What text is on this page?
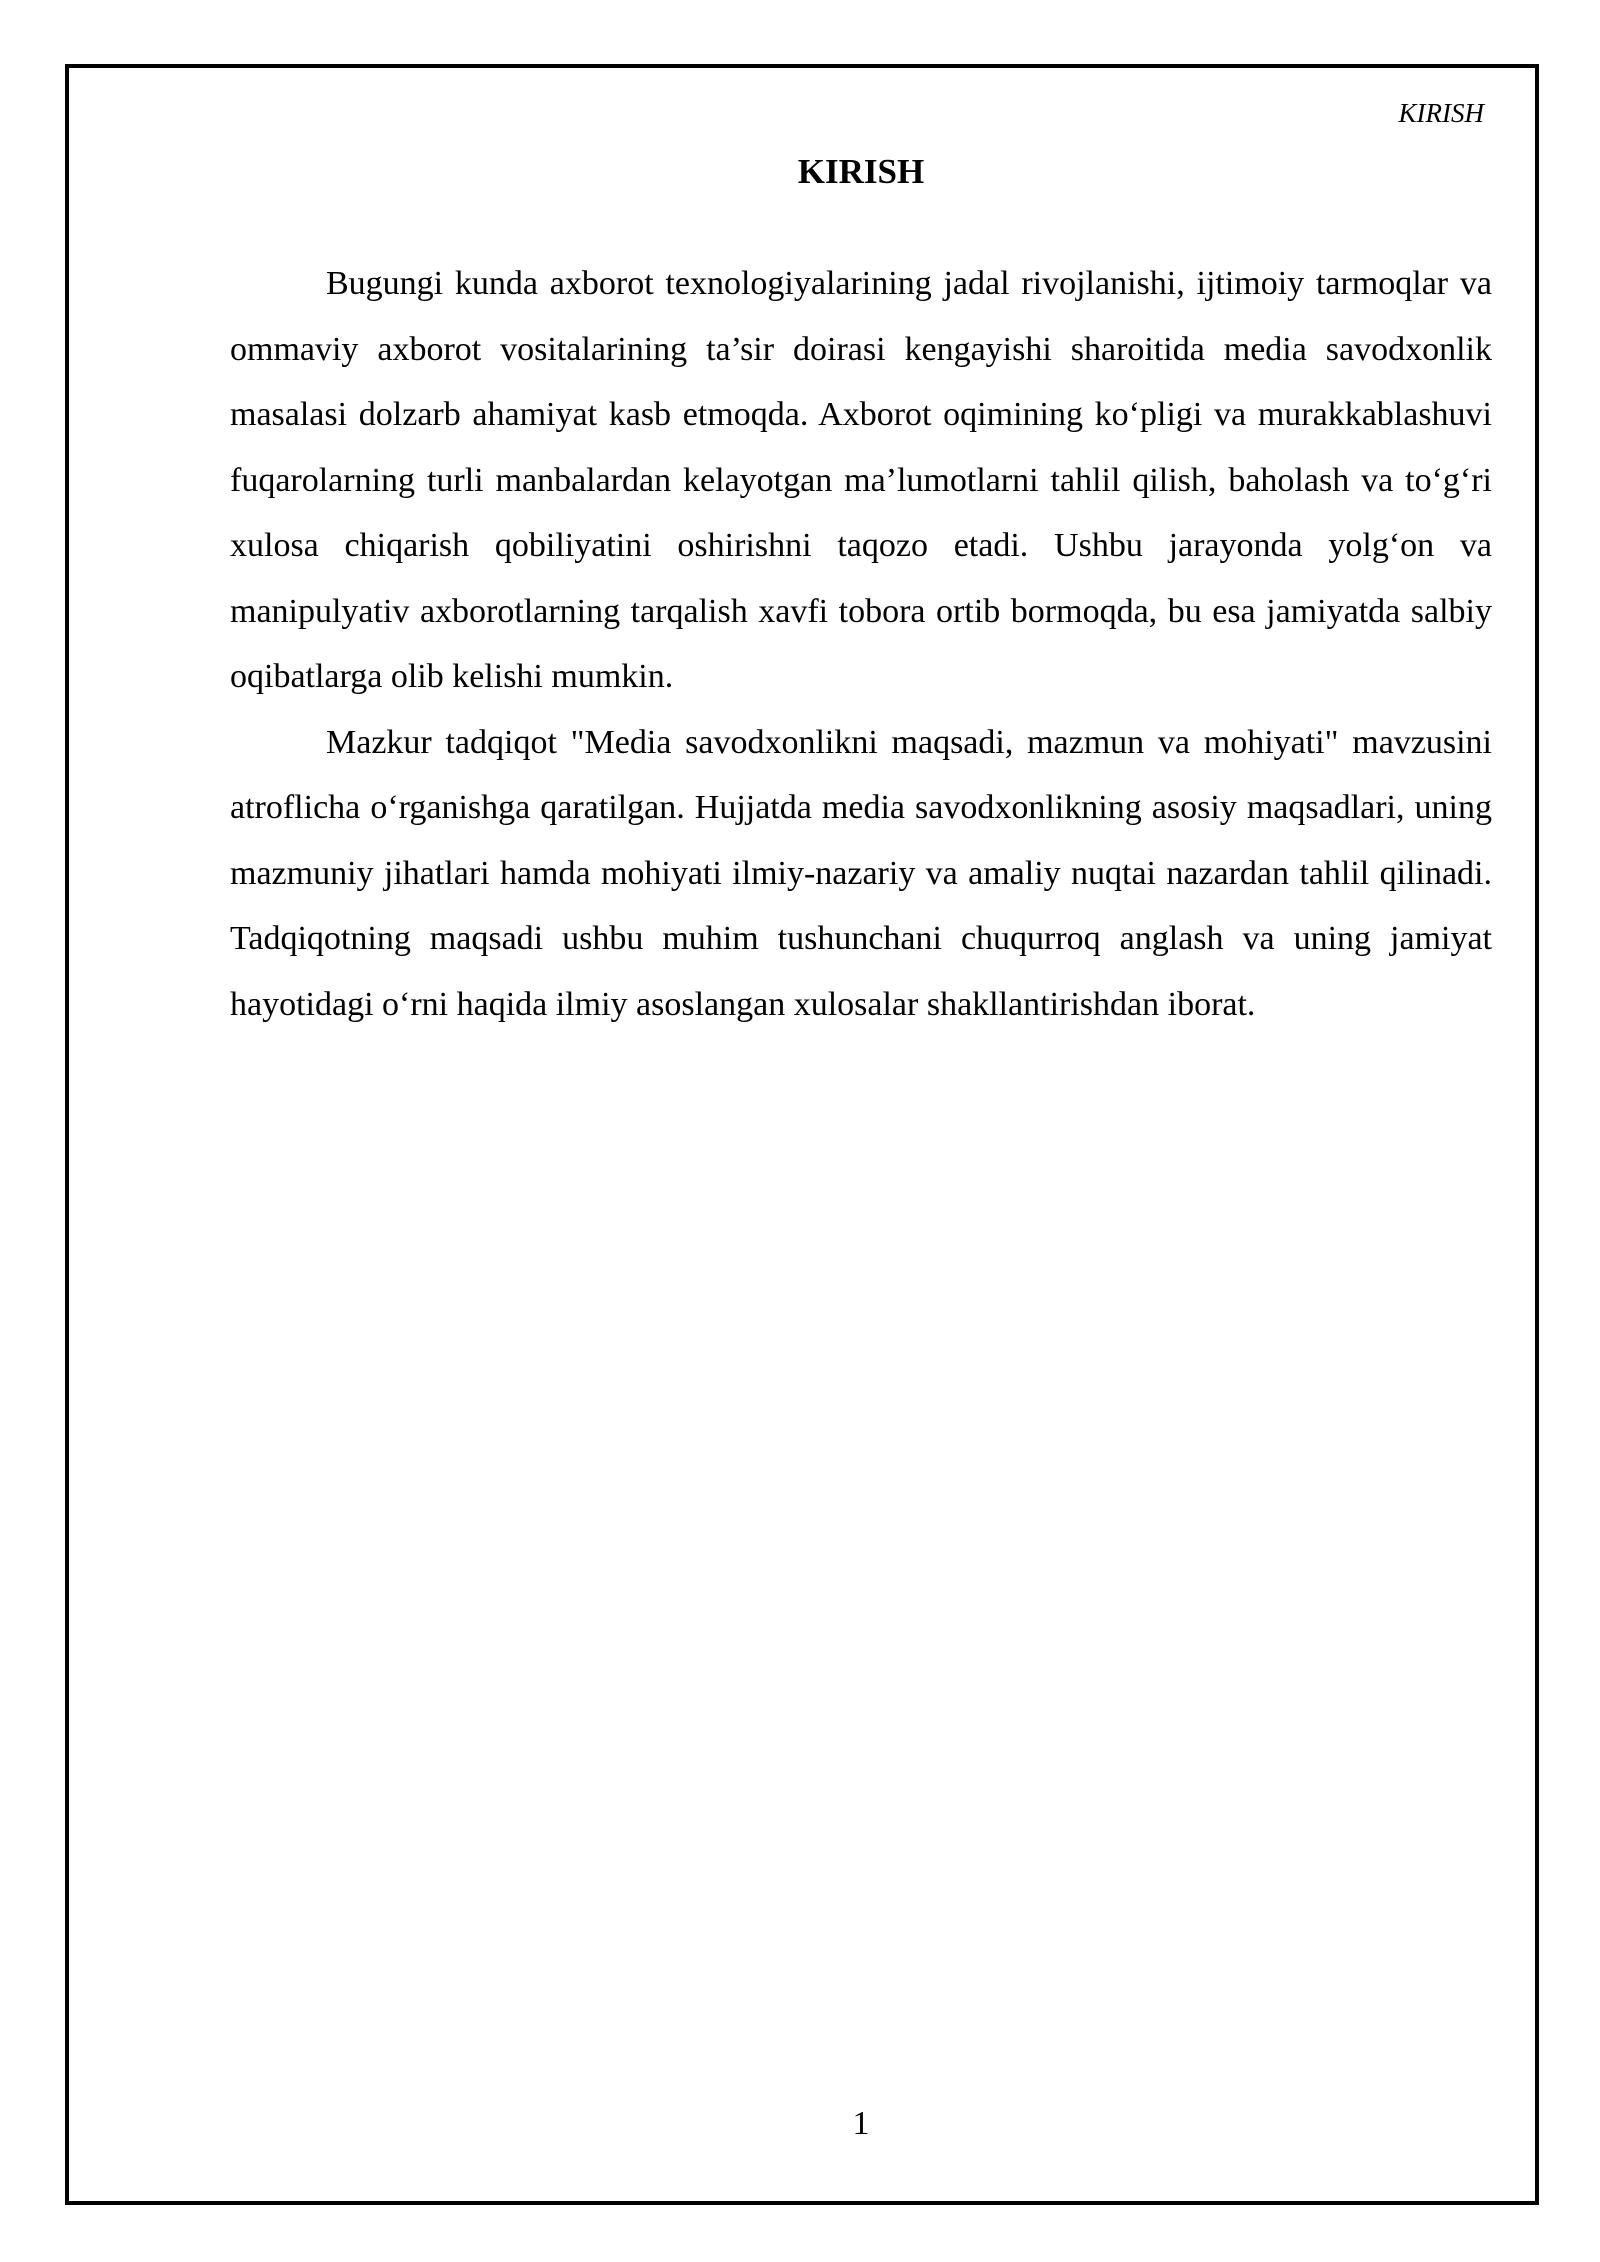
KIRISH
KIRISH

Bugungi kunda axborot texnologiyalarining jadal rivojlanishi, ijtimoiy tarmoqlar va ommaviy axborot vositalarining ta’sir doirasi kengayishi sharoitida media savodxonlik masalasi dolzarb ahamiyat kasb etmoqda. Axborot oqimining ko‘pligi va murakkablashuvi fuqarolarning turli manbalardan kelayotgan ma’lumotlarni tahlil qilish, baholash va to‘g‘ri xulosa chiqarish qobiliyatini oshirishni taqozo etadi. Ushbu jarayonda yolg‘on va manipulyativ axborotlarning tarqalish xavfi tobora ortib bormoqda, bu esa jamiyatda salbiy oqibatlarga olib kelishi mumkin.

Mazkur tadqiqot "Media savodxonlikni maqsadi, mazmun va mohiyati" mavzusini atroflicha o‘rganishga qaratilgan. Hujjatda media savodxonlikning asosiy maqsadlari, uning mazmuniy jihatlari hamda mohiyati ilmiy-nazariy va amaliy nuqtai nazardan tahlil qilinadi. Tadqiqotning maqsadi ushbu muhim tushunchani chuqurroq anglash va uning jamiyat hayotidagi o‘rni haqida ilmiy asoslangan xulosalar shakllantirishdan iborat.

1
